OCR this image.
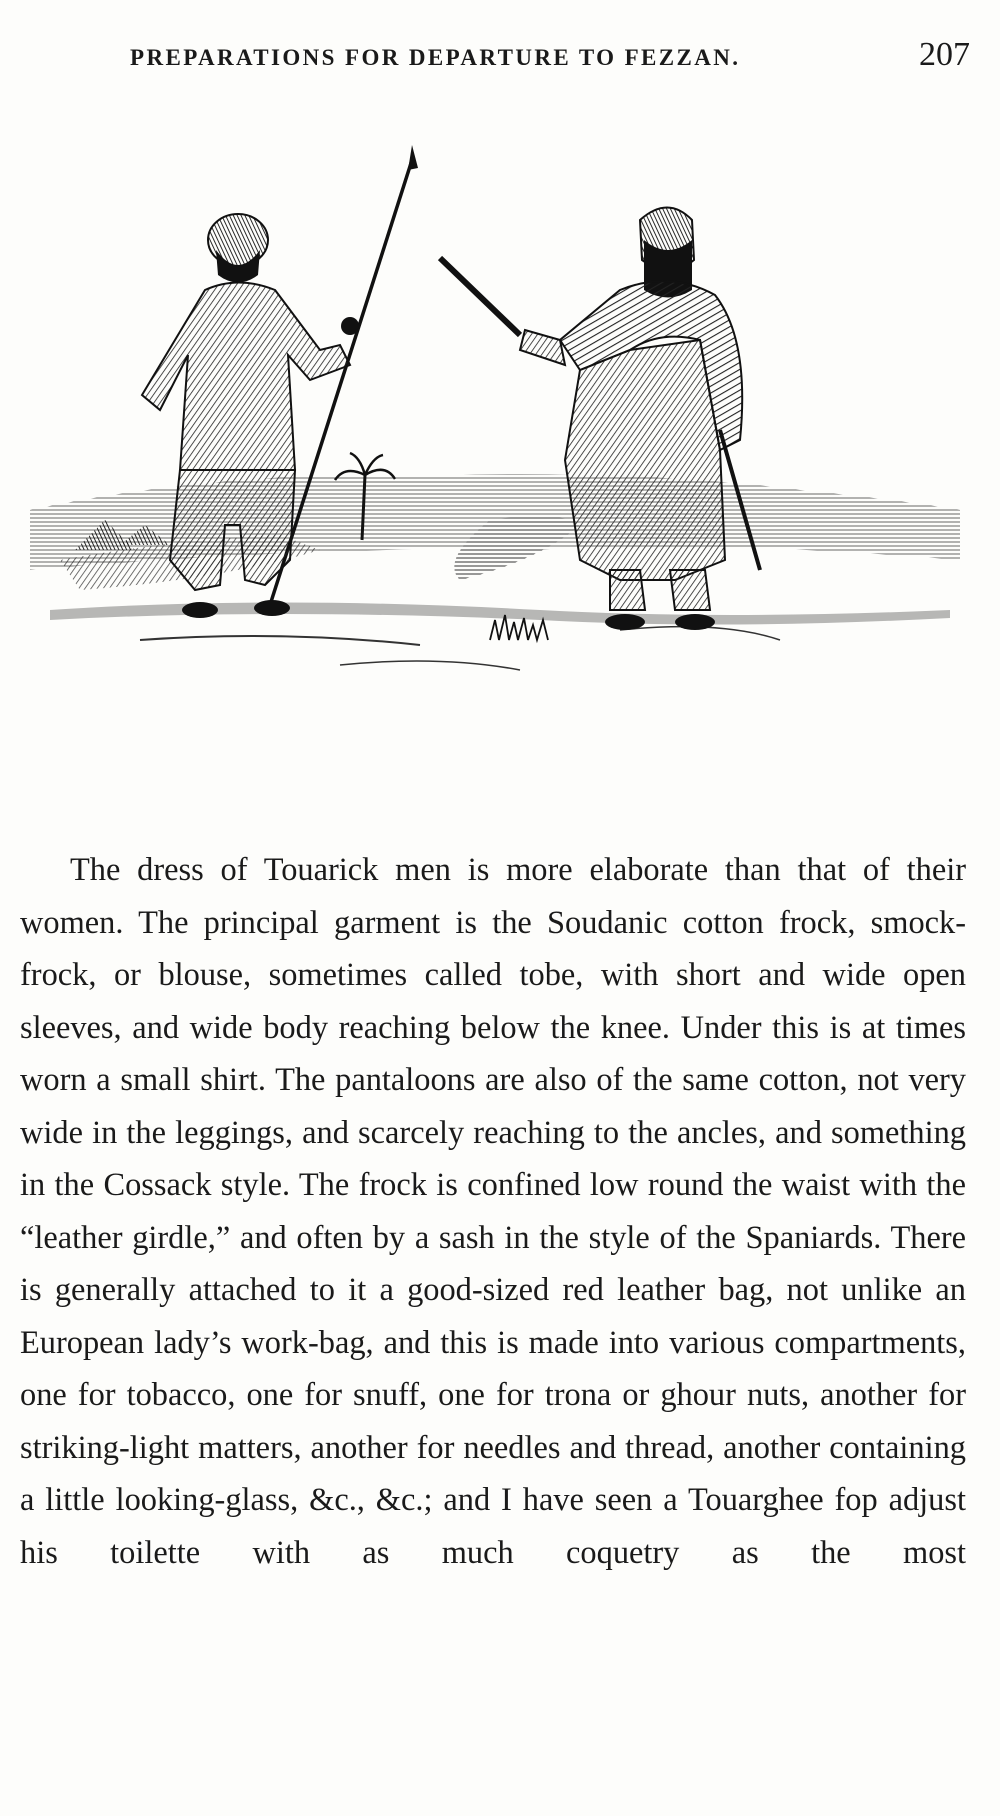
PREPARATIONS FOR DEPARTURE TO FEZZAN.	207

The dress of Touarick men is more elaborate than that of their women. The principal garment is the Soudanic cotton frock, smock-frock, or blouse, sometimes called tobe, with short and wide open sleeves, and wide body reaching below the knee. Under this is at times worn a small shirt. The pantaloons are also of the same cotton, not very wide in the leggings, and scarcely reaching to the ancles, and something in the Cossack style. The frock is confined low round the waist with the “leather girdle,” and often by a sash in the style of the Spaniards. There is generally attached to it a good-sized red leather bag, not unlike an European lady’s work-bag, and this is made into various compartments, one for tobacco, one for snuff, one for trona or ghour nuts, another for striking-light matters, another for needles and thread, another containing a little looking-glass, &c., &c.; and I have seen a Touarghee fop adjust his toilette with as much coquetry as the most
